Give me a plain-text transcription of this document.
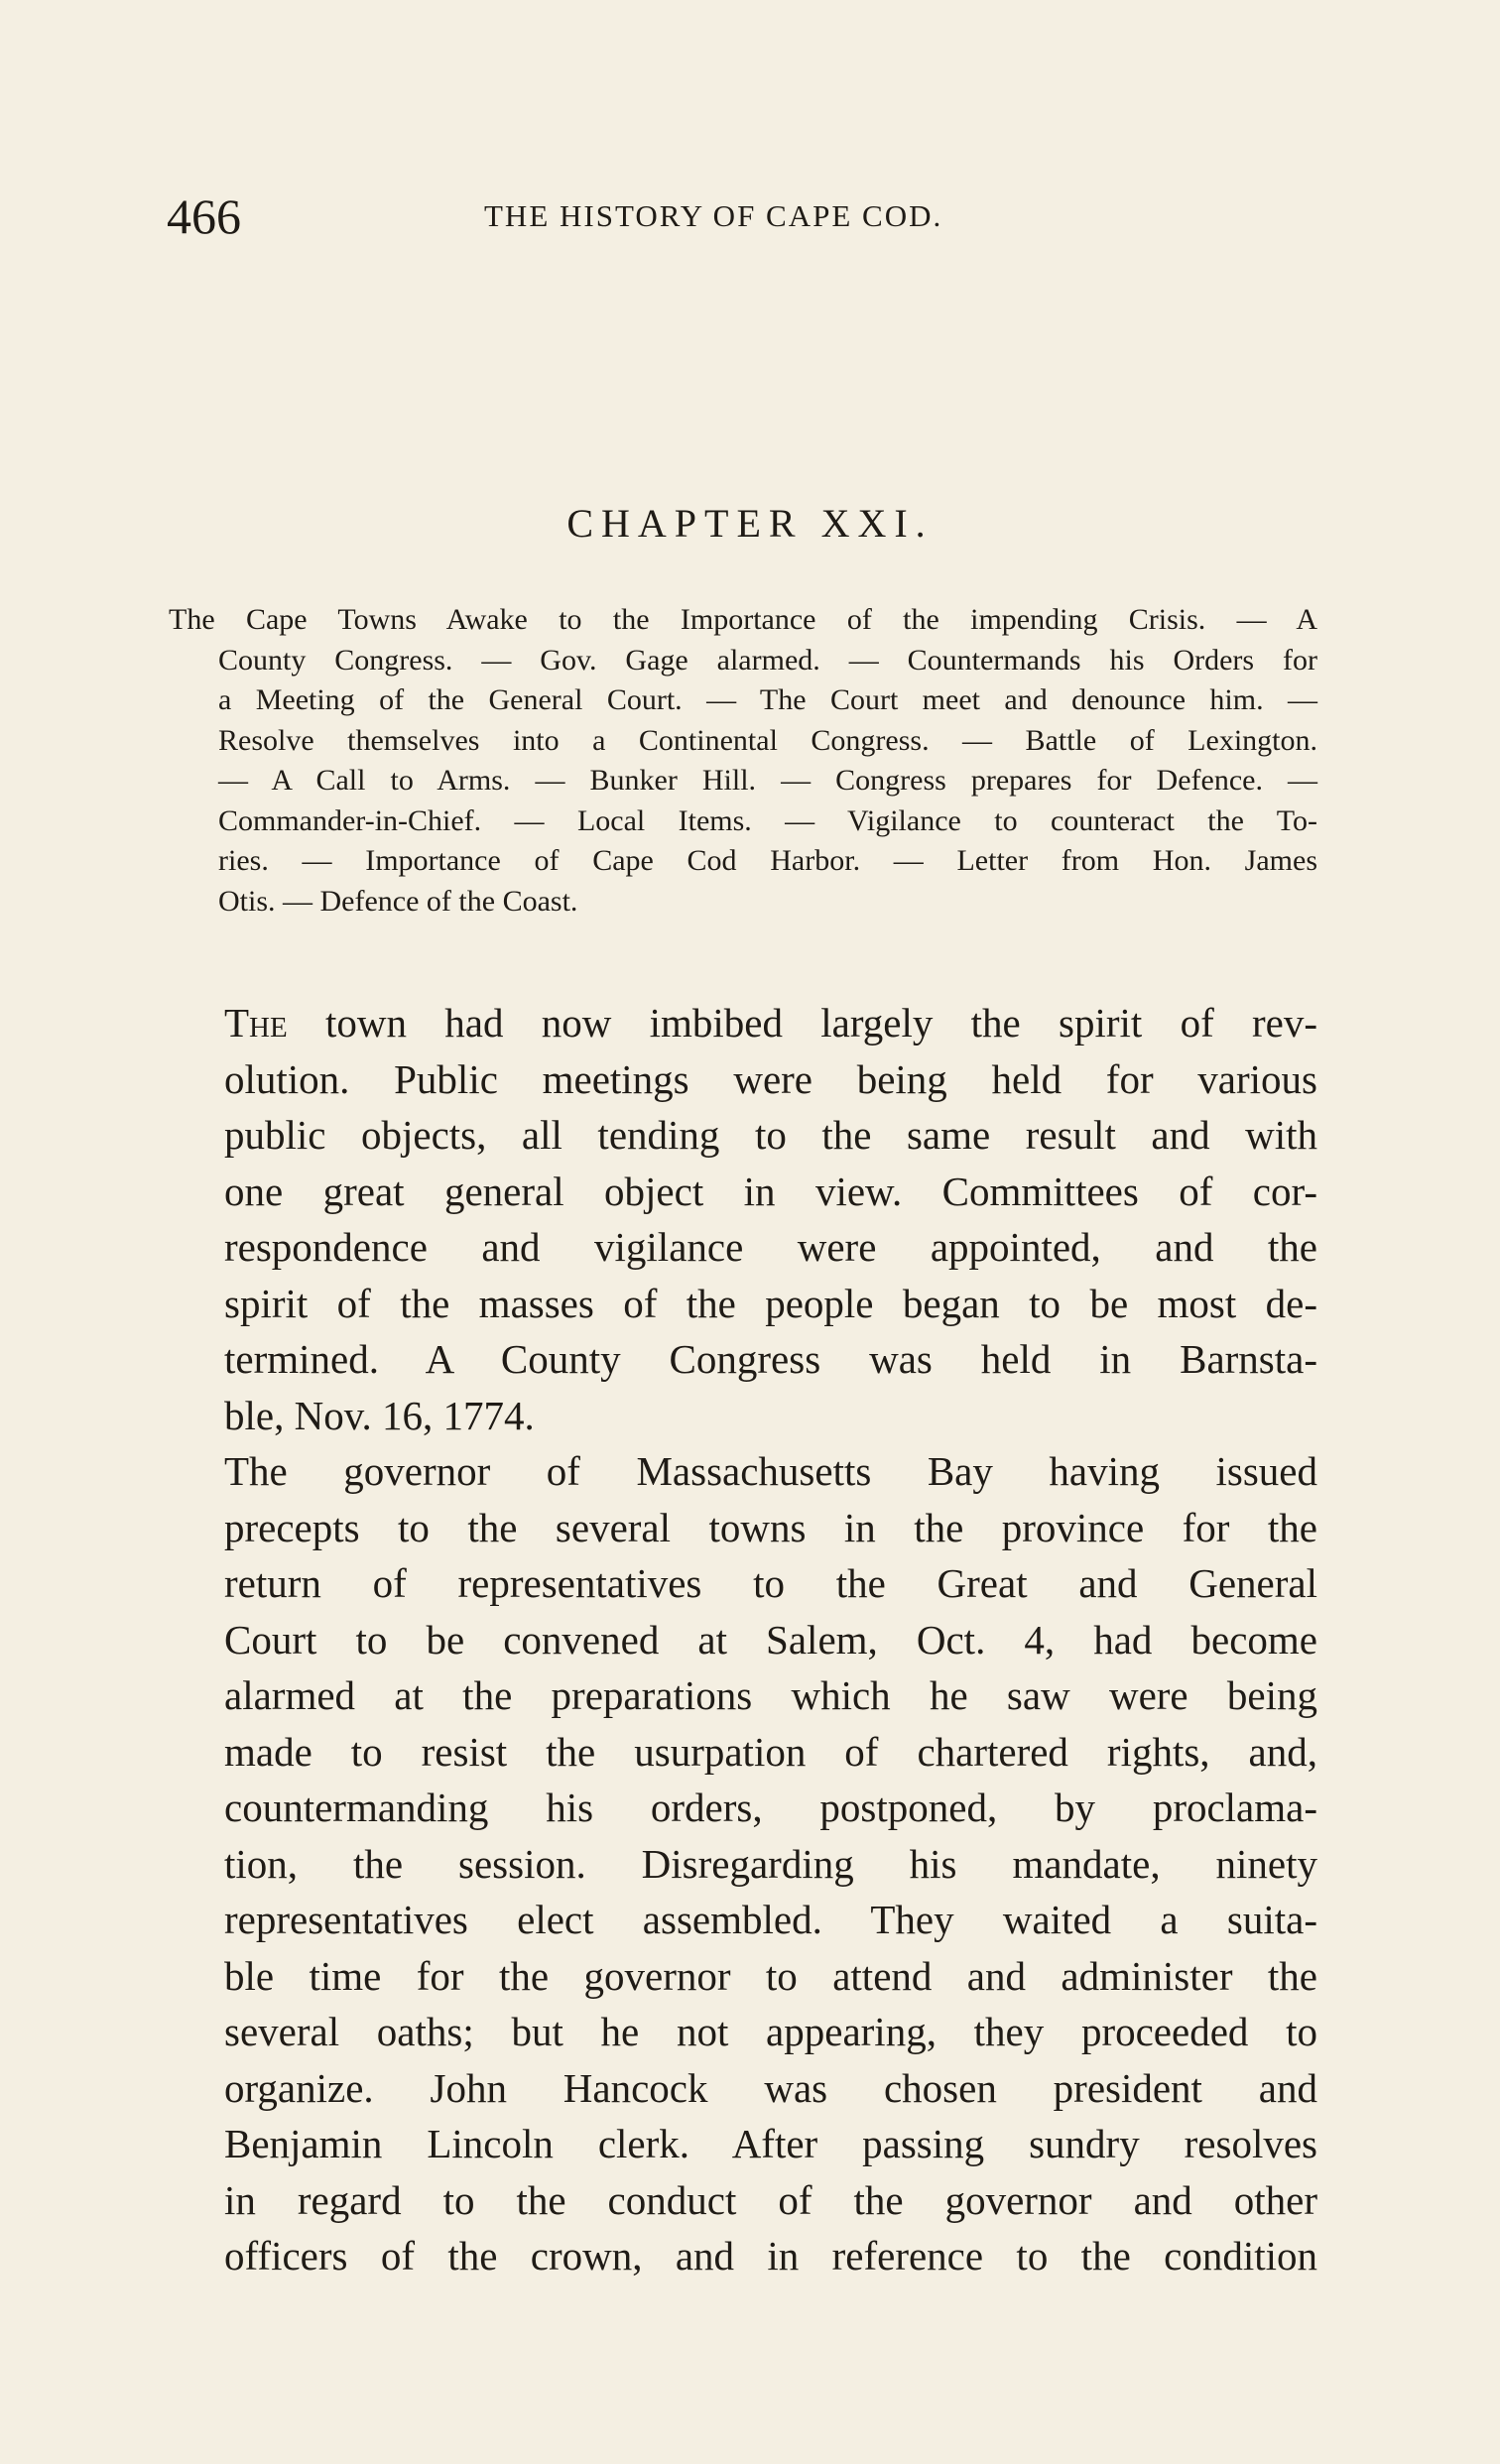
466	THE HISTORY OF CAPE COD.
CHAPTER XXI.
The Cape Towns Awake to the Importance of the impending Crisis. — A
County Congress. — Gov. Gage alarmed. — Countermands his Orders for
a Meeting of the General Court. — The Court meet and denounce him. —
Resolve themselves into a Continental Congress. — Battle of Lexington.
— A Call to Arms. — Bunker Hill. — Congress prepares for Defence. —
Commander-in-Chief. — Local Items. — Vigilance to counteract the To-
ries. — Importance of Cape Cod Harbor. — Letter from Hon. James
Otis. — Defence of the Coast.
The town had now imbibed largely the spirit of rev-
olution. Public meetings were being held for various
public objects, all tending to the same result and with
one great general object in view. Committees of cor-
respondence and vigilance were appointed, and the
spirit of the masses of the people began to be most de-
termined. A County Congress was held in Barnsta-
ble, Nov. 16, 1774.
The governor of Massachusetts Bay having issued
precepts to the several towns in the province for the
return of representatives to the Great and General
Court to be convened at Salem, Oct. 4, had become
alarmed at the preparations which he saw were being
made to resist the usurpation of chartered rights, and,
countermanding his orders, postponed, by proclama-
tion, the session. Disregarding his mandate, ninety
representatives elect assembled. They waited a suita-
ble time for the governor to attend and administer the
several oaths; but he not appearing, they proceeded to
organize. John Hancock was chosen president and
Benjamin Lincoln clerk. After passing sundry resolves
in regard to the conduct of the governor and other
officers of the crown, and in reference to the condition
